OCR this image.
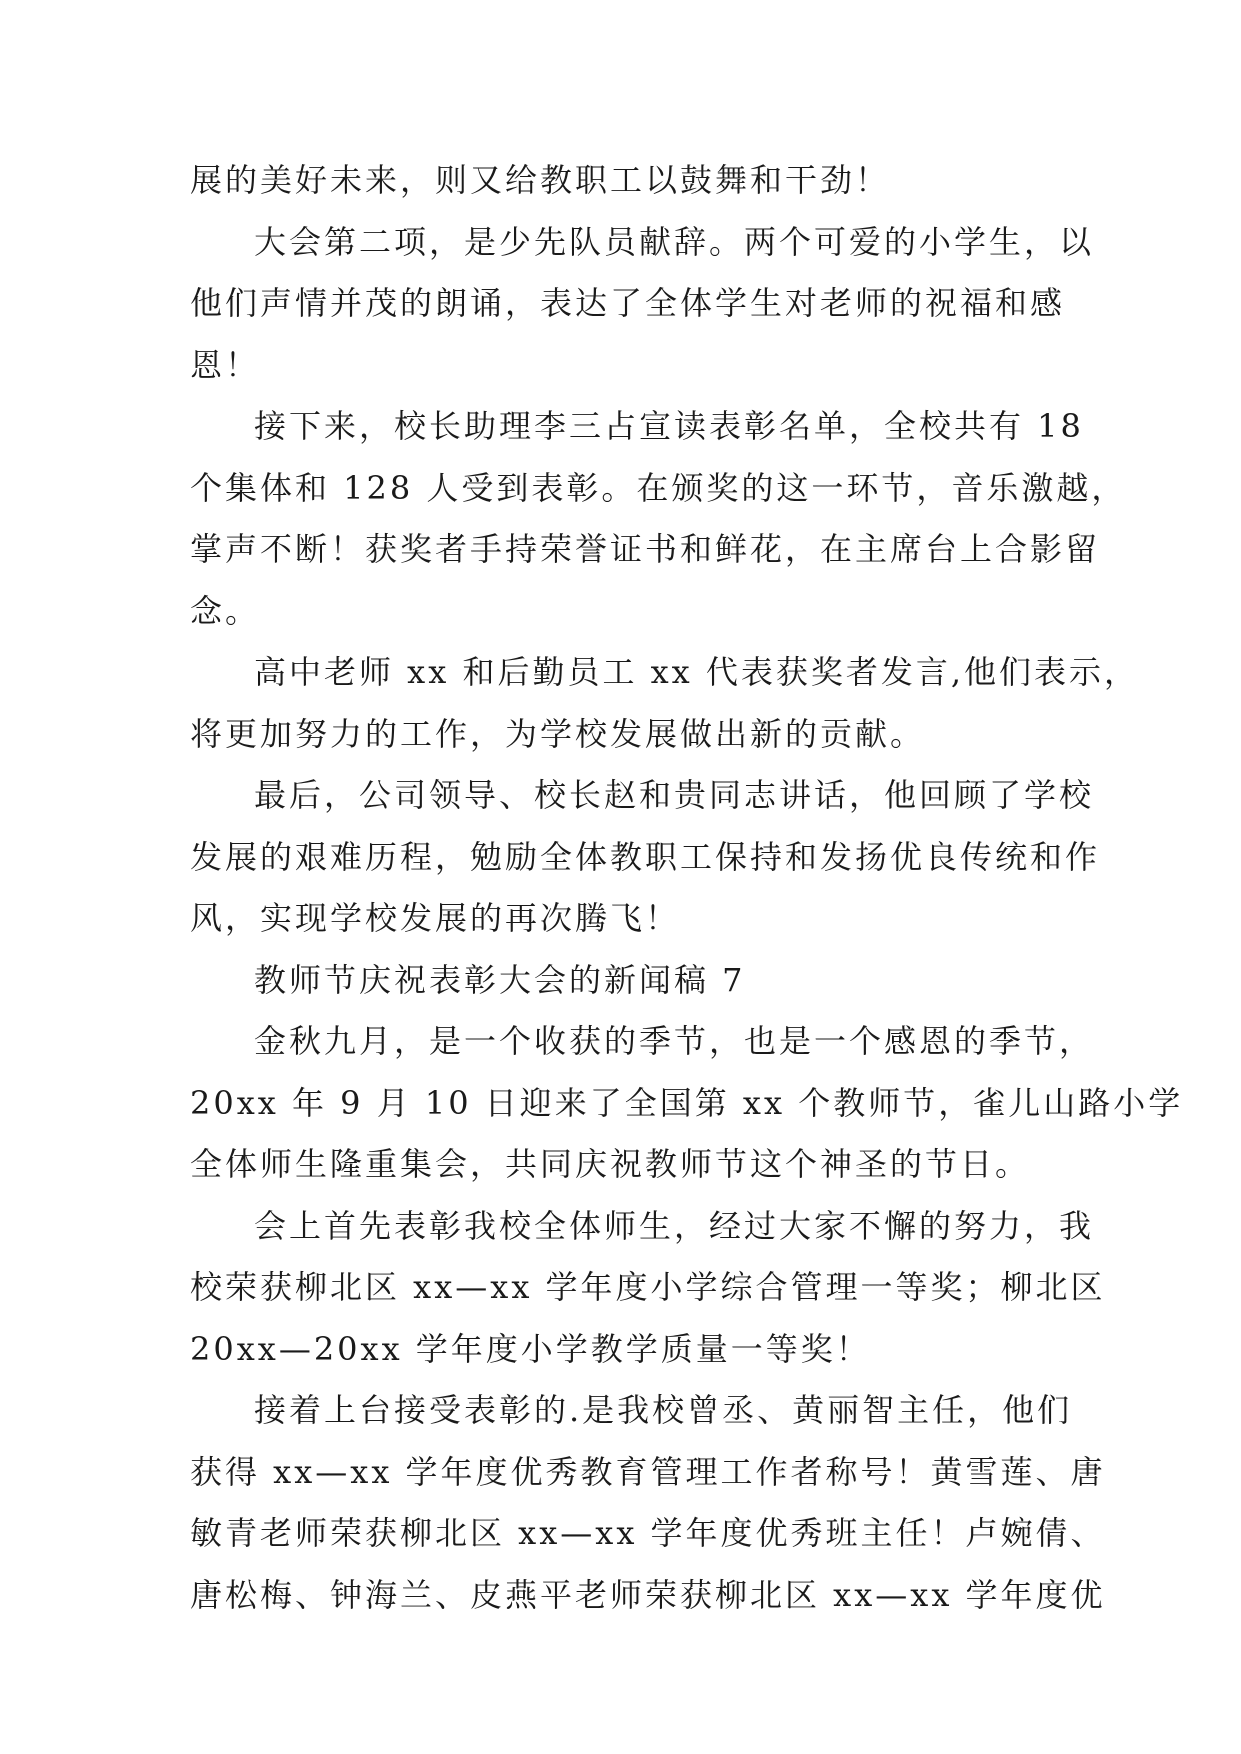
展的美好未来，则又给教职工以鼓舞和干劲！
大会第二项，是少先队员献辞。两个可爱的小学生，以
他们声情并茂的朗诵，表达了全体学生对老师的祝福和感
恩！
接下来，校长助理李三占宣读表彰名单，全校共有 18
个集体和 128 人受到表彰。在颁奖的这一环节，音乐激越，
掌声不断！获奖者手持荣誉证书和鲜花，在主席台上合影留
念。
高中老师 xx 和后勤员工 xx 代表获奖者发言,他们表示，
将更加努力的工作，为学校发展做出新的贡献。
最后，公司领导、校长赵和贵同志讲话，他回顾了学校
发展的艰难历程，勉励全体教职工保持和发扬优良传统和作
风，实现学校发展的再次腾飞！
教师节庆祝表彰大会的新闻稿 7
金秋九月，是一个收获的季节，也是一个感恩的季节，
20xx 年 9 月 10 日迎来了全国第 xx 个教师节，雀儿山路小学
全体师生隆重集会，共同庆祝教师节这个神圣的节日。
会上首先表彰我校全体师生，经过大家不懈的努力，我
校荣获柳北区 xx—xx 学年度小学综合管理一等奖；柳北区
20xx—20xx 学年度小学教学质量一等奖！
接着上台接受表彰的.是我校曾丞、黄丽智主任，他们
获得 xx—xx 学年度优秀教育管理工作者称号！黄雪莲、唐
敏青老师荣获柳北区 xx—xx 学年度优秀班主任！卢婉倩、
唐松梅、钟海兰、皮燕平老师荣获柳北区 xx—xx 学年度优
